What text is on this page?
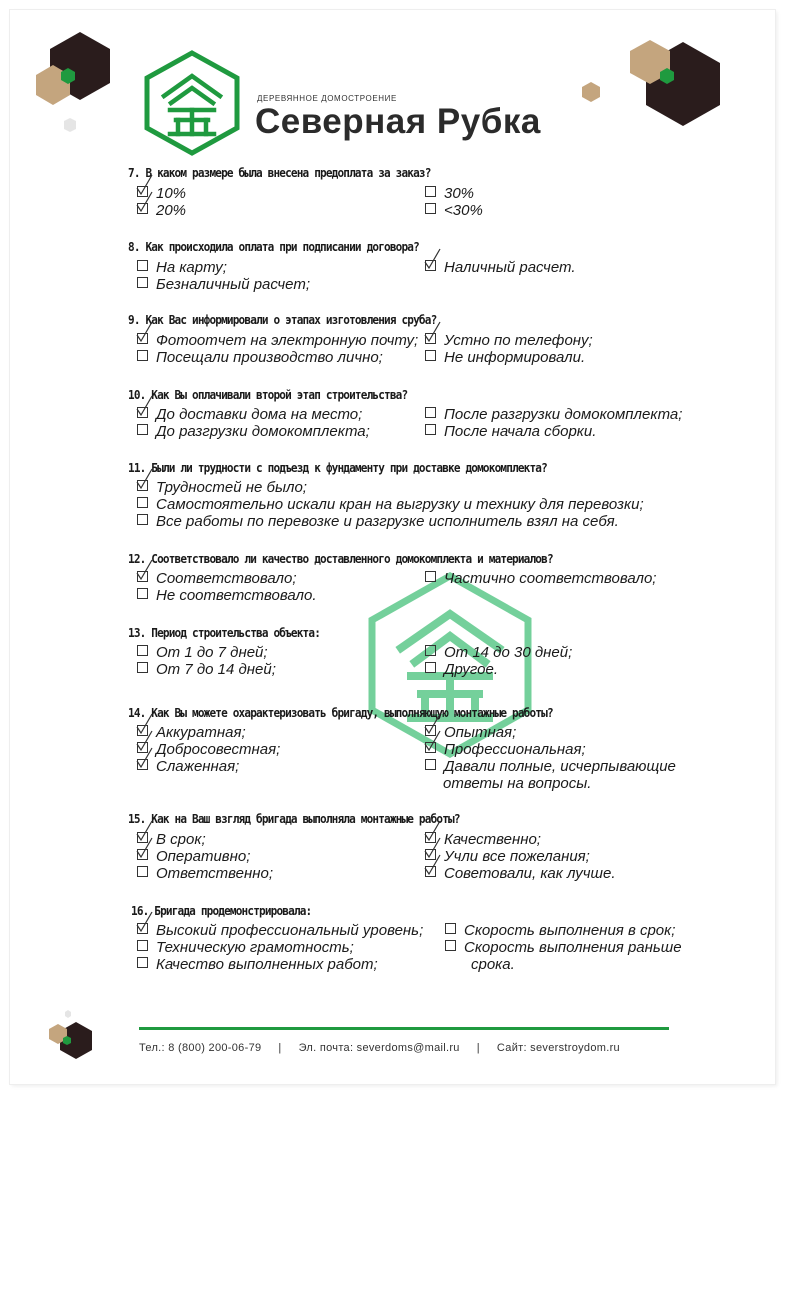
ДЕРЕВЯННОЕ ДОМОСТРОЕНИЕ
Северная Рубка
7. В каком размере была внесена предоплата за заказ?
10%
20%
30%
<30%
8. Как происходила оплата при подписании договора?
На карту;
Безналичный расчет;
Наличный расчет.
9. Как Вас информировали о этапах изготовления сруба?
Фотоотчет на электронную почту;
Посещали производство лично;
Устно по телефону;
Не информировали.
10. Как Вы оплачивали второй этап строительства?
До доставки дома на место;
До разгрузки домокомплекта;
После разгрузки домокомплекта;
После начала сборки.
11. Были ли трудности с подъезд к фундаменту при доставке домокомплекта?
Трудностей не было;
Самостоятельно искали кран на выгрузку и технику для перевозки;
Все работы по перевозке и разгрузке исполнитель взял на себя.
12. Соответствовало ли качество доставленного домокомплекта и материалов?
Соответствовало;
Не соответствовало.
Частично соответствовало;
13. Период строительства объекта:
От 1 до 7 дней;
От 7 до 14 дней;
От 14 до 30 дней;
Другое.
14. Как Вы можете охарактеризовать бригаду, выполняющую монтажные работы?
Аккуратная;
Добросовестная;
Слаженная;
Опытная;
Профессиональная;
Давали полные, исчерпывающие
ответы на вопросы.
15. Как на Ваш взгляд бригада выполняла монтажные работы?
В срок;
Оперативно;
Ответственно;
Качественно;
Учли все пожелания;
Советовали, как лучше.
16. Бригада продемонстрировала:
Высокий профессиональный уровень;
Техническую грамотность;
Качество выполненных работ;
Скорость выполнения в срок;
Скорость выполнения раньше
срока.
Тел.: 8 (800) 200-06-79 | Эл. почта: severdoms@mail.ru | Сайт: severstroydom.ru
